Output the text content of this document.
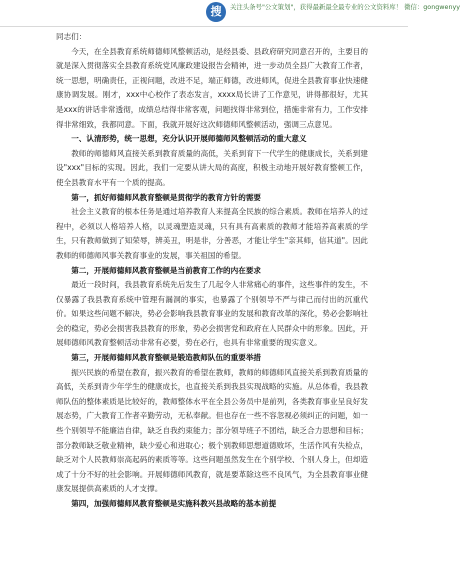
搜	关注头条号"公文策划"，获得最新最全最专业的公文资料库！ 微信：gongwenyy

同志们：

今天，在全县教育系统师德师风整顿活动，是经县委、县政府研究同意召开的，主要目的就是深入贯彻落实全县教育系统党风廉政建设报告会精神，进一步动员全县广大教育工作者，统一思想，明确责任，正视问题，改进不足，端正师德，改进师风，促进全县教育事业快速健康协调发展。刚才，xxx中心校作了表态发言，xxxx局长讲了工作意见，讲得都很好，尤其是xxx的讲话非常透彻，成绩总结得非常客观，问题找得非常到位，措施非常有力，工作安排得非常细致，我都同意。下面，我就开展好这次师德师风整顿活动，强调三点意见。

一、认清形势，统一思想，充分认识开展师德师风整顿活动的重大意义

教师的师德师风直接关系到教育质量的高低，关系到育下一代学生的健康成长，关系到建设"xxx"目标的实现。因此，我们一定要从讲大局的高度，积极主动地开展好教育整顿工作，使全县教育水平有一个质的提高。

第一，抓好师德师风教育整顿是贯彻学的教育方针的需要

社会主义教育的根本任务是通过培养教育人来提高全民族的综合素质。教师在培养人的过程中，必须以人格培养人格，以灵魂塑造灵魂，只有具有高素质的教师才能培养高素质的学生，只有教师做到了知荣辱，辨美丑，明是非，分善恶，才能让学生"亲其师，信其道"。因此教师的师德师风事关教育事业的发展，事关祖国的希望。

第二，开展师德师风教育整顿是当前教育工作的内在要求

最近一段时间，我县教育系统先后发生了几起令人非常痛心的事件，这些事件的发生，不仅暴露了我县教育系统中管理有漏洞的事实，也暴露了个别领导不严与律己而付出的沉重代价。如果这些问题不解决，势必会影响我县教育事业的发展和教育改革的深化，势必会影响社会的稳定，势必会损害我县教育的形象，势必会损害党和政府在人民群众中的形象。因此，开展师德师风教育整顿活动非常有必要，势在必行，也具有非常重要的现实意义。

第三，开展师德师风教育整顿是锻造教师队伍的重要举措

振兴民族的希望在教育，振兴教育的希望在教师，教师的师德师风直接关系到教育质量的高低，关系到青少年学生的健康成长，也直接关系到我县实现战略的实施。从总体看，我县教师队伍的整体素质是比较好的，教师整体水平在全县公务员中是前列，各类教育事业呈良好发展态势，广大教育工作者辛勤劳动，无私奉献。但也存在一些不容忽视必须纠正的问题，如一些个别领导不能廉洁自律，缺乏自我约束能力；部分领导班子不团结，缺乏合力思想和目标；部分教师缺乏敬业精神，缺少爱心和进取心；极个别教师思想道德败坏，生活作风有失检点，缺乏对个人民教师崇高起码的素质等等。这些问题虽然发生在个别学校、个别人身上，但却造成了十分不好的社会影响。开展师德师风教育，就是要革除这些不良风气，为全县教育事业健康发展提供高素质的人才支撑。

第四，加强师德师风教育整顿是实施科教兴县战略的基本前提
